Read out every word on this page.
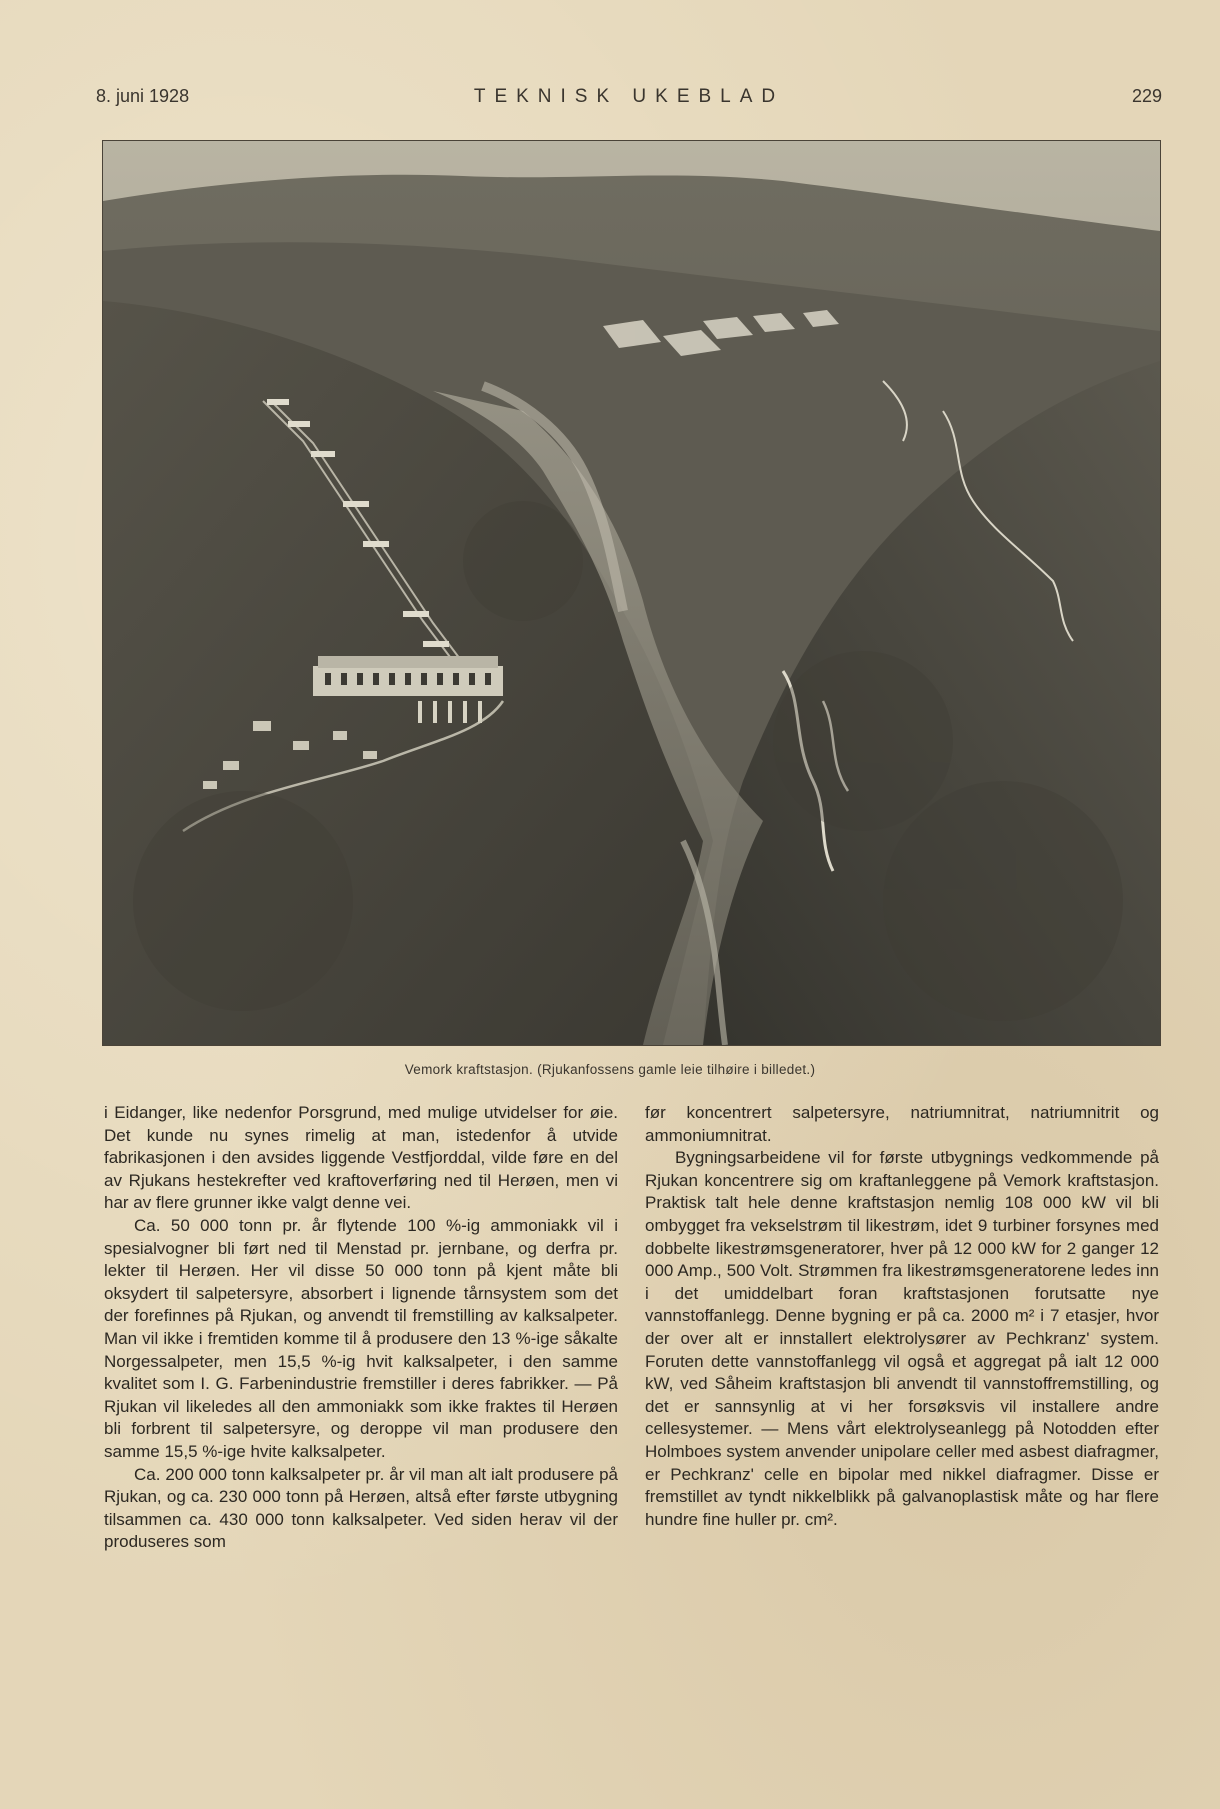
8. juni 1928	TEKNISK UKEBLAD	229
Vemork kraftstasjon. (Rjukanfossens gamle leie tilhøire i billedet.)

i Eidanger, like nedenfor Porsgrund, med mulige utvidelser for øie. Det kunde nu synes rimelig at man, istedenfor å utvide fabrikasjonen i den avsides liggende Vestfjorddal, vilde føre en del av Rjukans hestekrefter ved kraftoverføring ned til Herøen, men vi har av flere grunner ikke valgt denne vei.

Ca. 50 000 tonn pr. år flytende 100 %-ig ammoniakk vil i spesialvogner bli ført ned til Menstad pr. jernbane, og derfra pr. lekter til Herøen. Her vil disse 50 000 tonn på kjent måte bli oksydert til salpetersyre, absorbert i lignende tårnsystem som det der forefinnes på Rjukan, og anvendt til fremstilling av kalksalpeter. Man vil ikke i fremtiden komme til å produsere den 13 %-ige såkalte Norgessalpeter, men 15,5 %-ig hvit kalksalpeter, i den samme kvalitet som I. G. Farbenindustrie fremstiller i deres fabrikker. — På Rjukan vil likeledes all den ammoniakk som ikke fraktes til Herøen bli forbrent til salpetersyre, og deroppe vil man produsere den samme 15,5 %-ige hvite kalksalpeter.

Ca. 200 000 tonn kalksalpeter pr. år vil man alt ialt produsere på Rjukan, og ca. 230 000 tonn på Herøen, altså efter første utbygning tilsammen ca. 430 000 tonn kalksalpeter. Ved siden herav vil der produseres som

før koncentrert salpetersyre, natriumnitrat, natriumnitrit og ammoniumnitrat.

Bygningsarbeidene vil for første utbygnings vedkommende på Rjukan koncentrere sig om kraftanleggene på Vemork kraftstasjon. Praktisk talt hele denne kraftstasjon nemlig 108 000 kW vil bli ombygget fra vekselstrøm til likestrøm, idet 9 turbiner forsynes med dobbelte likestrømsgeneratorer, hver på 12 000 kW for 2 ganger 12 000 Amp., 500 Volt. Strømmen fra likestrømsgeneratorene ledes inn i det umiddelbart foran kraftstasjonen forutsatte nye vannstoffanlegg. Denne bygning er på ca. 2000 m² i 7 etasjer, hvor der over alt er innstallert elektrolysører av Pechkranz' system. Foruten dette vannstoffanlegg vil også et aggregat på ialt 12 000 kW, ved Såheim kraftstasjon bli anvendt til vannstoffremstilling, og det er sannsynlig at vi her forsøksvis vil installere andre cellesystemer. — Mens vårt elektrolyseanlegg på Notodden efter Holmboes system anvender unipolare celler med asbest diafragmer, er Pechkranz' celle en bipolar med nikkel diafragmer. Disse er fremstillet av tyndt nikkelblikk på galvanoplastisk måte og har flere hundre fine huller pr. cm².
